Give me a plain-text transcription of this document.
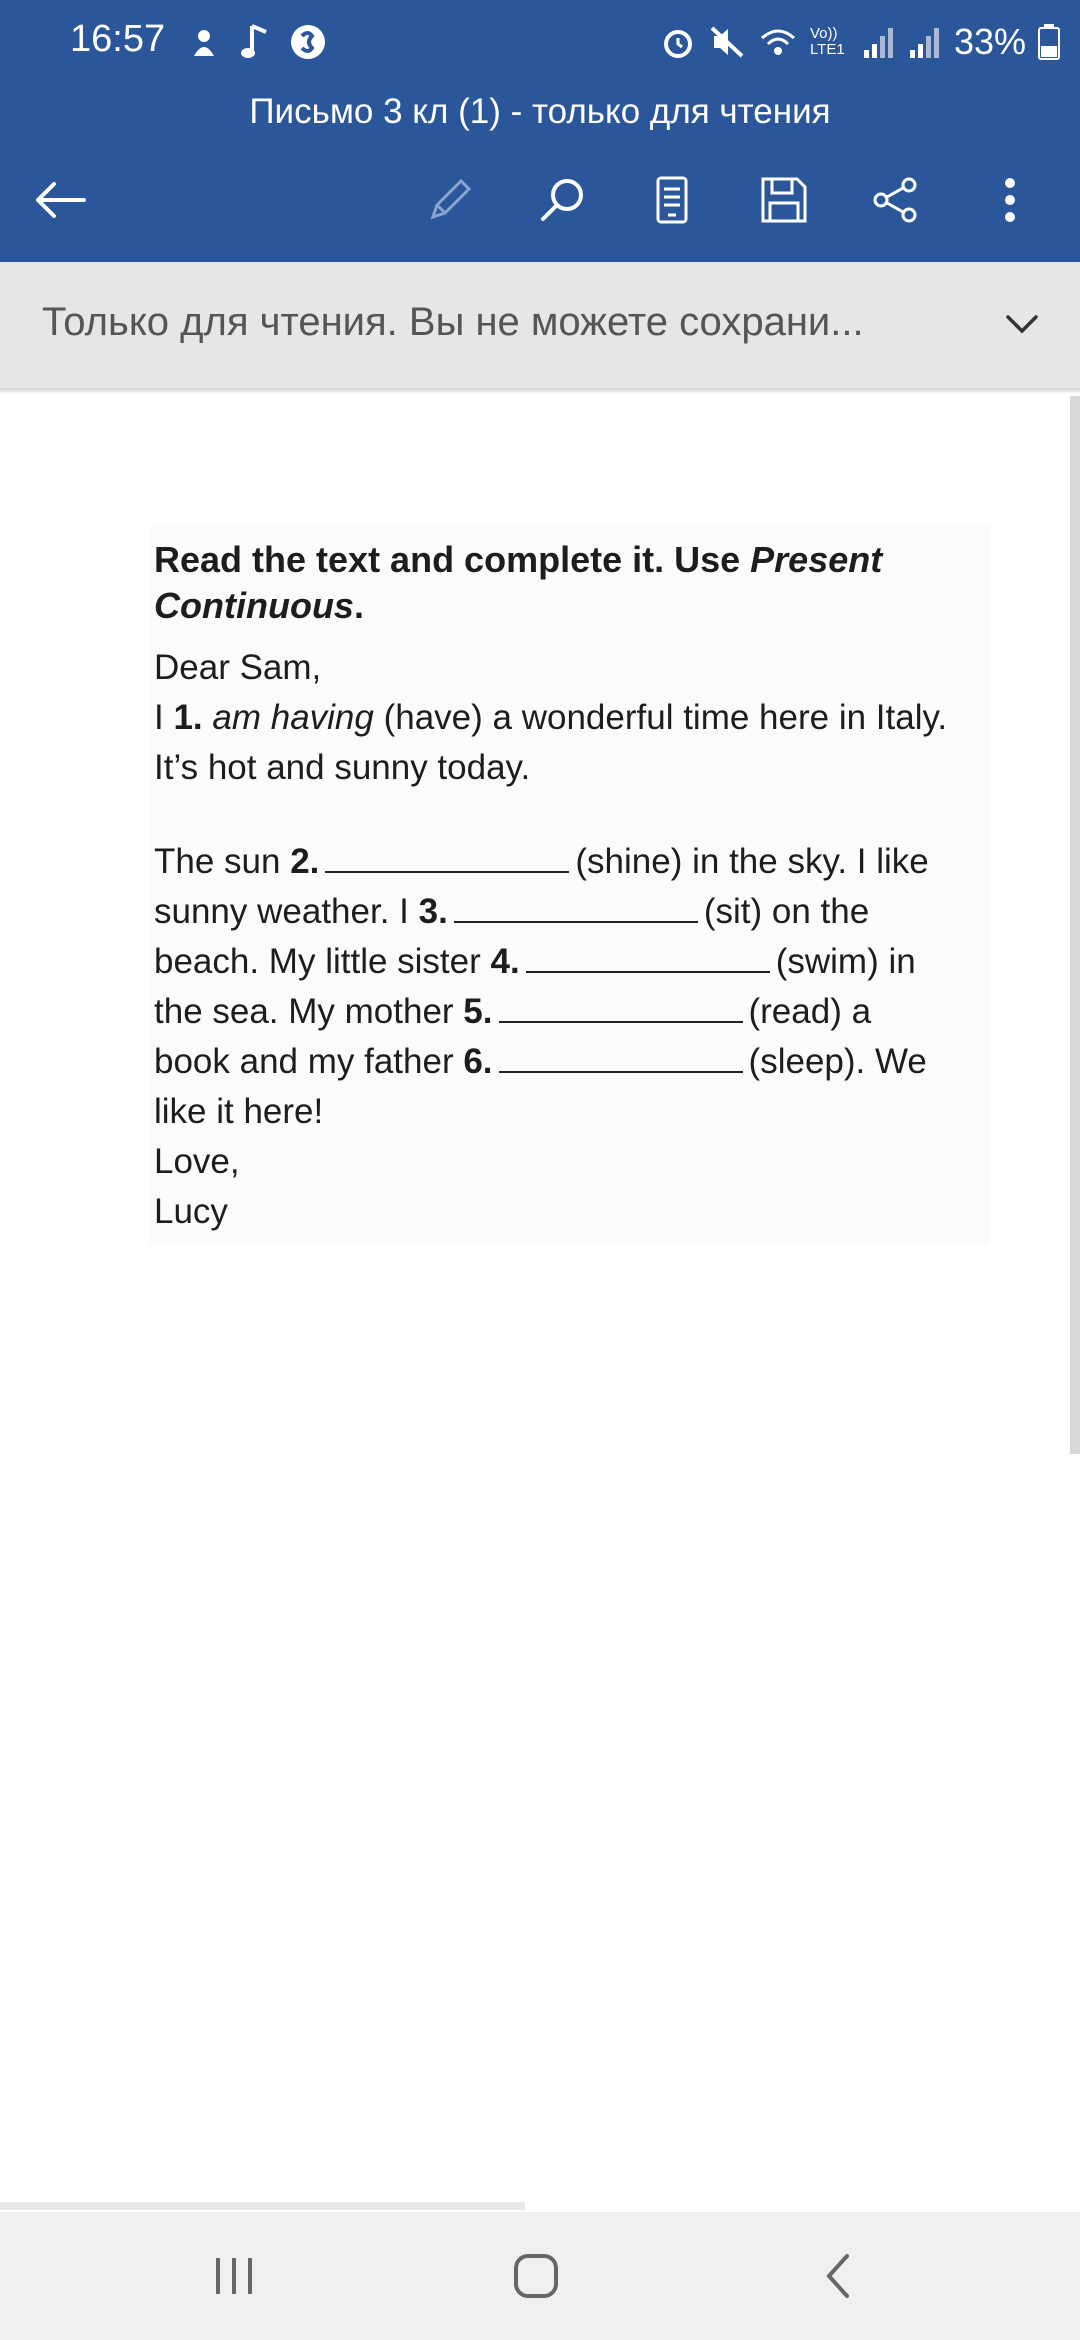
16:57	Vo)) LTE1	33%
Письмо 3 кл (1) - только для чтения
Только для чтения. Вы не можете сохрани...
Read the text and complete it. Use Present Continuous.
Dear Sam,
I 1. am having (have) a wonderful time here in Italy.
It’s hot and sunny today.
The sun 2.	(shine) in the sky. I like
sunny weather. I 3.	(sit) on the
beach. My little sister 4.	(swim) in
the sea. My mother 5.	(read) a
book and my father 6.	(sleep). We
like it here!
Love,
Lucy
